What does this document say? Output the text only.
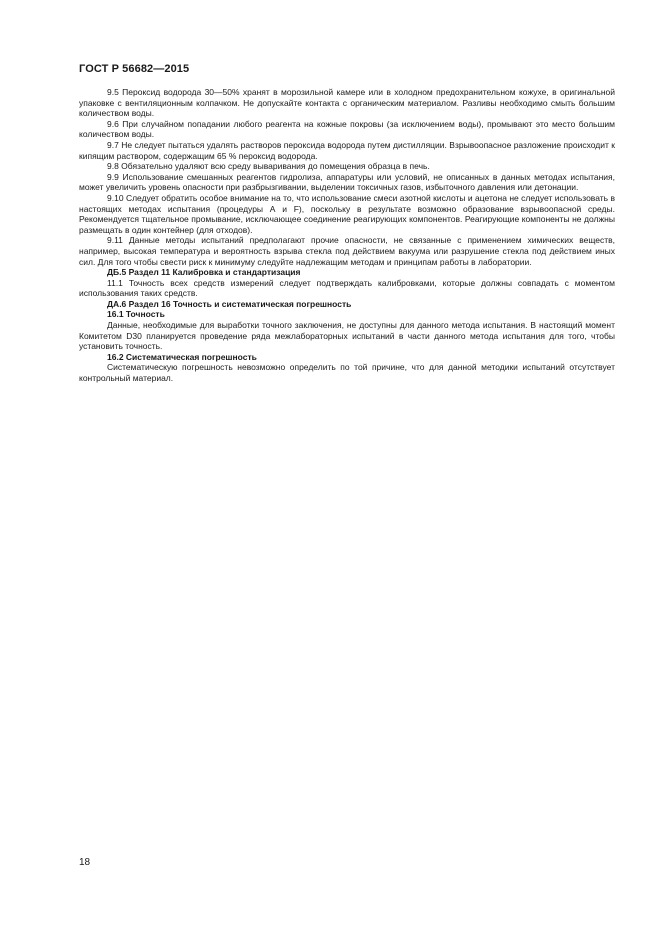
ГОСТ Р 56682—2015

9.5 Пероксид водорода 30—50% хранят в морозильной камере или в холодном предохранительном кожухе, в оригинальной упаковке с вентиляционным колпачком. Не допускайте контакта с органическим материалом. Разливы необходимо смыть большим количеством воды.

9.6 При случайном попадании любого реагента на кожные покровы (за исключением воды), промывают это место большим количеством воды.

9.7 Не следует пытаться удалять растворов пероксида водорода путем дистилляции. Взрывоопасное разложение происходит к кипящим раствором, содержащим 65 % пероксид водорода.

9.8 Обязательно удаляют всю среду вываривания до помещения образца в печь.

9.9 Использование смешанных реагентов гидролиза, аппаратуры или условий, не описанных в данных методах испытания, может увеличить уровень опасности при разбрызгивании, выделении токсичных газов, избыточного давления или детонации.

9.10 Следует обратить особое внимание на то, что использование смеси азотной кислоты и ацетона не следует использовать в настоящих методах испытания (процедуры А и F), поскольку в результате возможно образование взрывоопасной среды. Рекомендуется тщательное промывание, исключающее соединение реагирующих компонентов. Реагирующие компоненты не должны размещать в один контейнер (для отходов).

9.11 Данные методы испытаний предполагают прочие опасности, не связанные с применением химических веществ, например, высокая температура и вероятность взрыва стекла под действием вакуума или разрушение стекла под действием иных сил. Для того чтобы свести риск к минимуму следуйте надлежащим методам и принципам работы в лаборатории.

ДБ.5 Раздел 11 Калибровка и стандартизация

11.1 Точность всех средств измерений следует подтверждать калибровками, которые должны совпадать с моментом использования таких средств.

ДА.6 Раздел 16 Точность и систематическая погрешность

16.1 Точность

Данные, необходимые для выработки точного заключения, не доступны для данного метода испытания. В настоящий момент Комитетом D30 планируется проведение ряда межлабораторных испытаний в части данного метода испытания для того, чтобы установить точность.

16.2 Систематическая погрешность

Систематическую погрешность невозможно определить по той причине, что для данной методики испытаний отсутствует контрольный материал.

18
